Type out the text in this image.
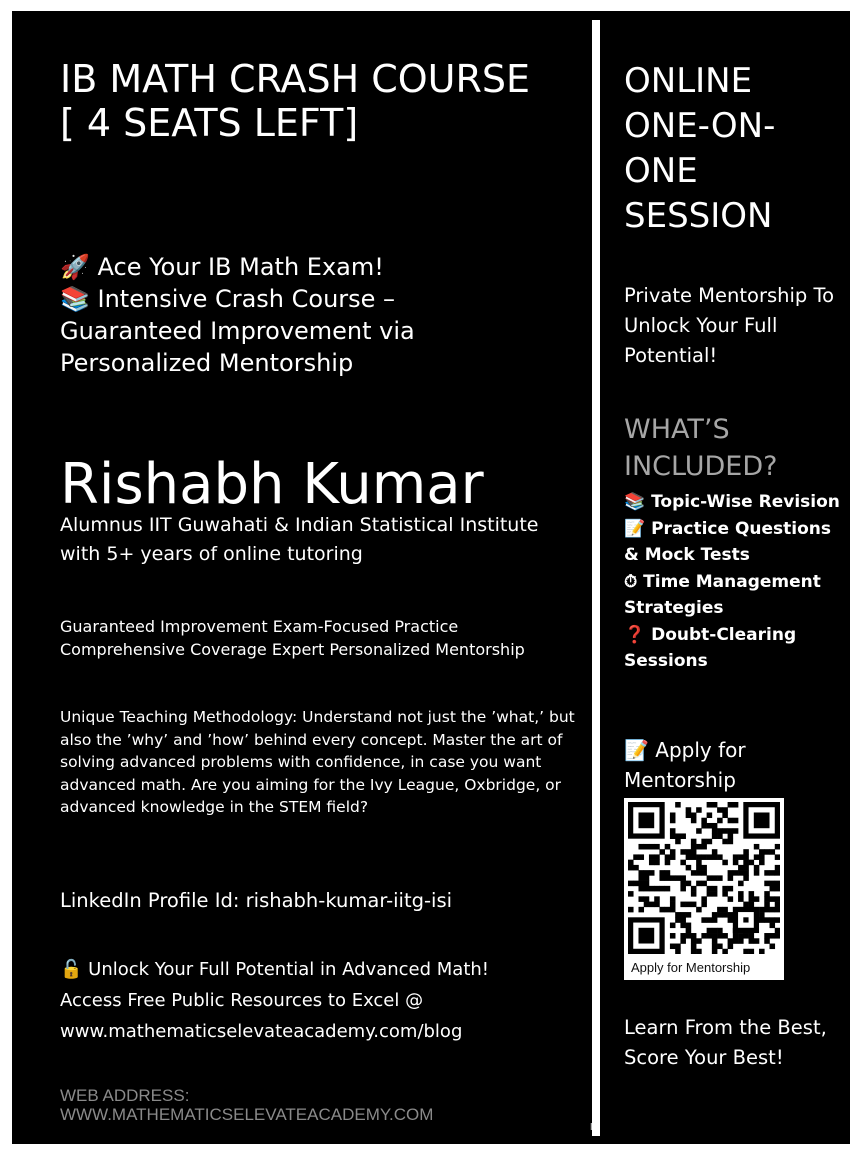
IB MATH CRASH COURSE [ 4 SEATS LEFT]
🚀 Ace Your IB Math Exam!
📚 Intensive Crash Course –
Guaranteed Improvement via
Personalized Mentorship
Rishabh Kumar
Alumnus IIT Guwahati & Indian Statistical Institute with 5+ years of online tutoring
Guaranteed Improvement Exam-Focused Practice
Comprehensive Coverage Expert Personalized Mentorship
Unique Teaching Methodology: Understand not just the ’what,’ but also the ’why’ and ’how’ behind every concept. Master the art of solving advanced problems with confidence, in case you want advanced math. Are you aiming for the Ivy League, Oxbridge, or advanced knowledge in the STEM field?
LinkedIn Profile Id: rishabh-kumar-iitg-isi
🔓 Unlock Your Full Potential in Advanced Math!
Access Free Public Resources to Excel @
www.mathematicselevateacademy.com/blog
WEB ADDRESS:
WWW.MATHEMATICSELEVATEACADEMY.COM
ONLINE
ONE-ON-
ONE
SESSION
Private Mentorship To Unlock Your Full Potential!
WHAT’S INCLUDED?
📚 Topic-Wise Revision
📝 Practice Questions & Mock Tests
⏱ Time Management Strategies
❓ Doubt-Clearing Sessions
📝 Apply for Mentorship
Apply for Mentorship
Learn From the Best, Score Your Best!
l|
